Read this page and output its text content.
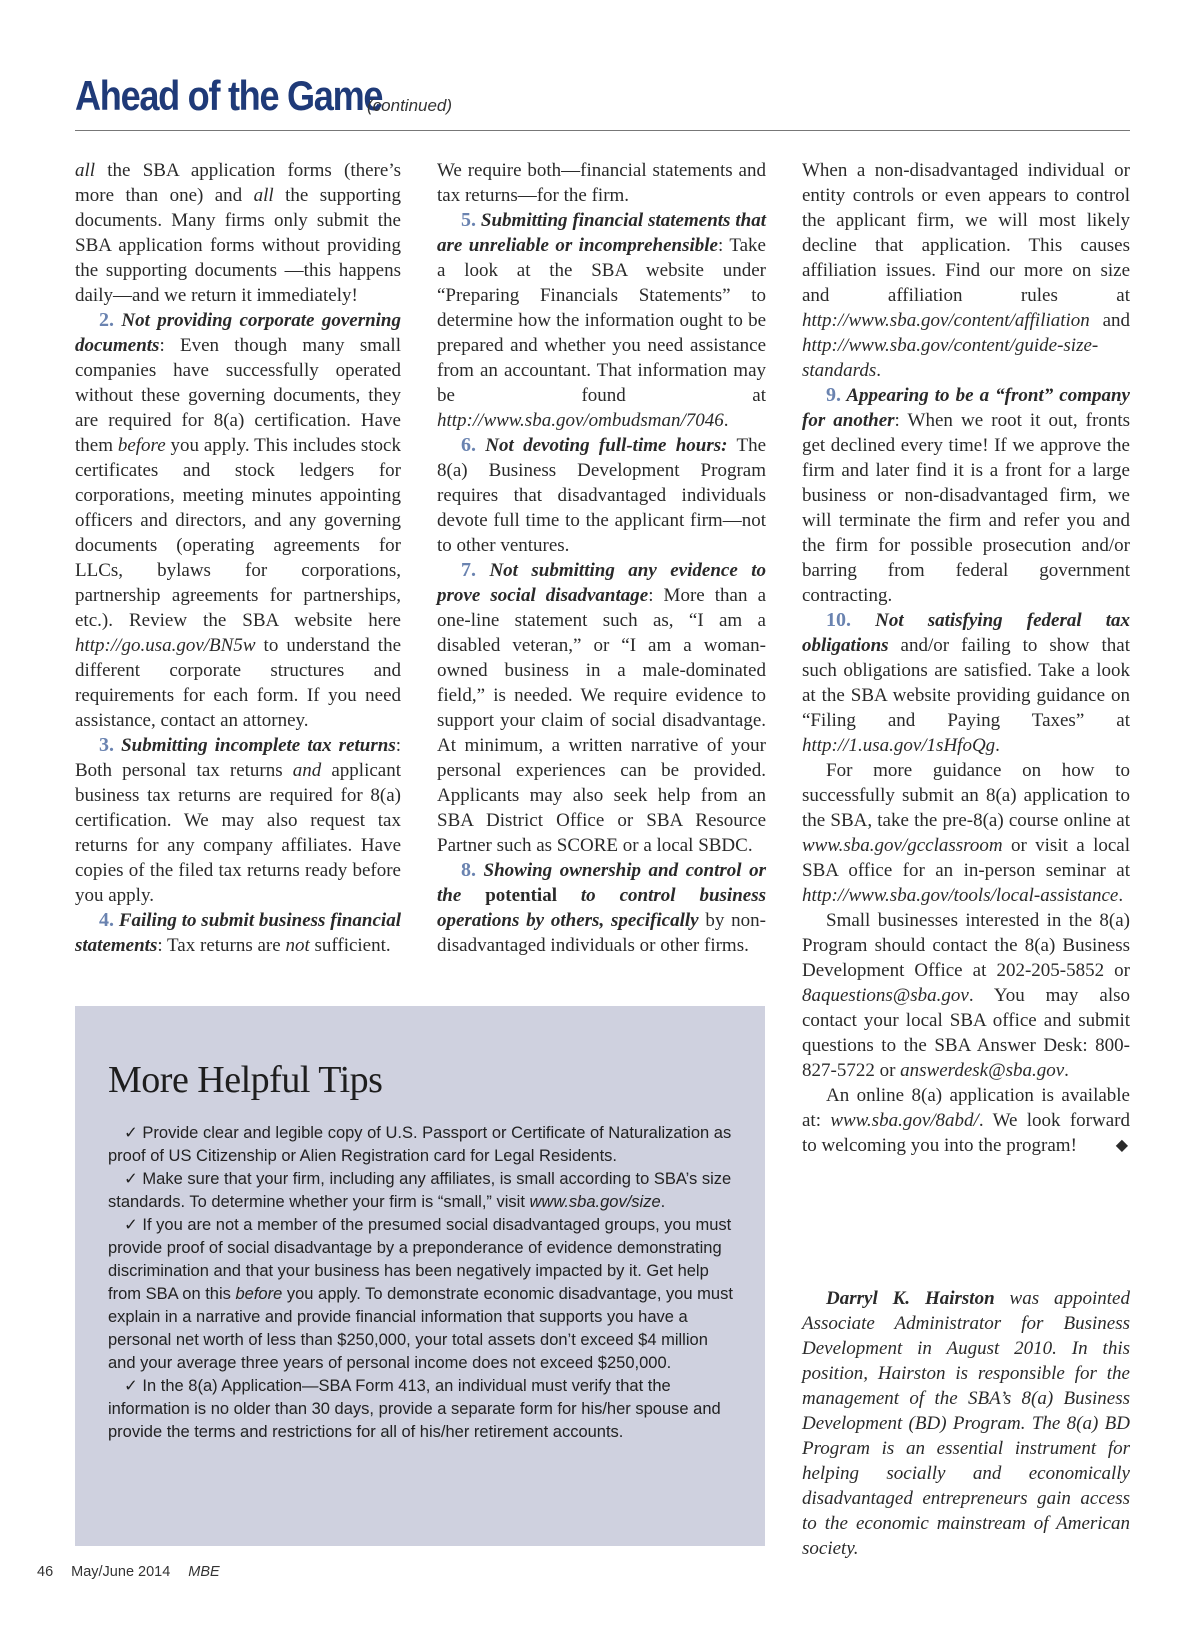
Ahead of the Game
(continued)

all the SBA application forms (there’s more than one) and all the supporting documents. Many firms only submit the SBA application forms without providing the supporting documents —this happens daily—and we return it immediately!

2. Not providing corporate governing documents: Even though many small companies have successfully operated without these governing documents, they are required for 8(a) certification. Have them before you apply. This includes stock certificates and stock ledgers for corporations, meeting minutes appointing officers and directors, and any governing documents (operating agreements for LLCs, bylaws for corporations, partnership agreements for partnerships, etc.). Review the SBA website here http://go.usa.gov/BN5w to understand the different corporate structures and requirements for each form. If you need assistance, contact an attorney.

3. Submitting incomplete tax returns: Both personal tax returns and applicant business tax returns are required for 8(a) certification. We may also request tax returns for any company affiliates. Have copies of the filed tax returns ready before you apply.

4. Failing to submit business financial statements: Tax returns are not sufficient.

We require both—financial statements and tax returns—for the firm.

5. Submitting financial statements that are unreliable or incomprehensible: Take a look at the SBA website under “Preparing Financials Statements” to determine how the information ought to be prepared and whether you need assistance from an accountant. That information may be found at http://www.sba.gov/ombudsman/7046.

6. Not devoting full-time hours: The 8(a) Business Development Program requires that disadvantaged individuals devote full time to the applicant firm—not to other ventures.

7. Not submitting any evidence to prove social disadvantage: More than a one-line statement such as, “I am a disabled veteran,” or “I am a woman-owned business in a male-dominated field,” is needed. We require evidence to support your claim of social disadvantage. At minimum, a written narrative of your personal experiences can be provided. Applicants may also seek help from an SBA District Office or SBA Resource Partner such as SCORE or a local SBDC.

8. Showing ownership and control or the potential to control business operations by others, specifically by non-disadvantaged individuals or other firms.

When a non-disadvantaged individual or entity controls or even appears to control the applicant firm, we will most likely decline that application. This causes affiliation issues. Find our more on size and affiliation rules at http://www.sba.gov/content/affiliation and http://www.sba.gov/content/guide-size-standards.

9. Appearing to be a “front” company for another: When we root it out, fronts get declined every time! If we approve the firm and later find it is a front for a large business or non-disadvantaged firm, we will terminate the firm and refer you and the firm for possible prosecution and/or barring from federal government contracting.

10. Not satisfying federal tax obligations and/or failing to show that such obligations are satisfied. Take a look at the SBA website providing guidance on “Filing and Paying Taxes” at http://1.usa.gov/1sHfoQg.

For more guidance on how to successfully submit an 8(a) application to the SBA, take the pre-8(a) course online at www.sba.gov/gcclassroom or visit a local SBA office for an in-person seminar at http://www.sba.gov/tools/local-assistance.

Small businesses interested in the 8(a) Program should contact the 8(a) Business Development Office at 202-205-5852 or 8aquestions@sba.gov. You may also contact your local SBA office and submit questions to the SBA Answer Desk: 800-827-5722 or answerdesk@sba.gov.

An online 8(a) application is available at: www.sba.gov/8abd/. We look forward to welcoming you into the program!	◆

More Helpful Tips

✓ Provide clear and legible copy of U.S. Passport or Certificate of Naturalization as proof of US Citizenship or Alien Registration card for Legal Residents.

✓ Make sure that your firm, including any affiliates, is small according to SBA’s size standards. To determine whether your firm is “small,” visit www.sba.gov/size.

✓ If you are not a member of the presumed social disadvantaged groups, you must provide proof of social disadvantage by a preponderance of evidence demonstrating discrimination and that your business has been negatively impacted by it. Get help from SBA on this before you apply. To demonstrate economic disadvantage, you must explain in a narrative and provide financial information that supports you have a personal net worth of less than $250,000, your total assets don’t exceed $4 million and your average three years of personal income does not exceed $250,000.

✓ In the 8(a) Application—SBA Form 413, an individual must verify that the information is no older than 30 days, provide a separate form for his/her spouse and provide the terms and restrictions for all of his/her retirement accounts.

Darryl K. Hairston was appointed Associate Administrator for Business Development in August 2010. In this position, Hairston is responsible for the management of the SBA’s 8(a) Business Development (BD) Program. The 8(a) BD Program is an essential instrument for helping socially and economically disadvantaged entrepreneurs gain access to the economic mainstream of American society.

46 May/June 2014 MBE
